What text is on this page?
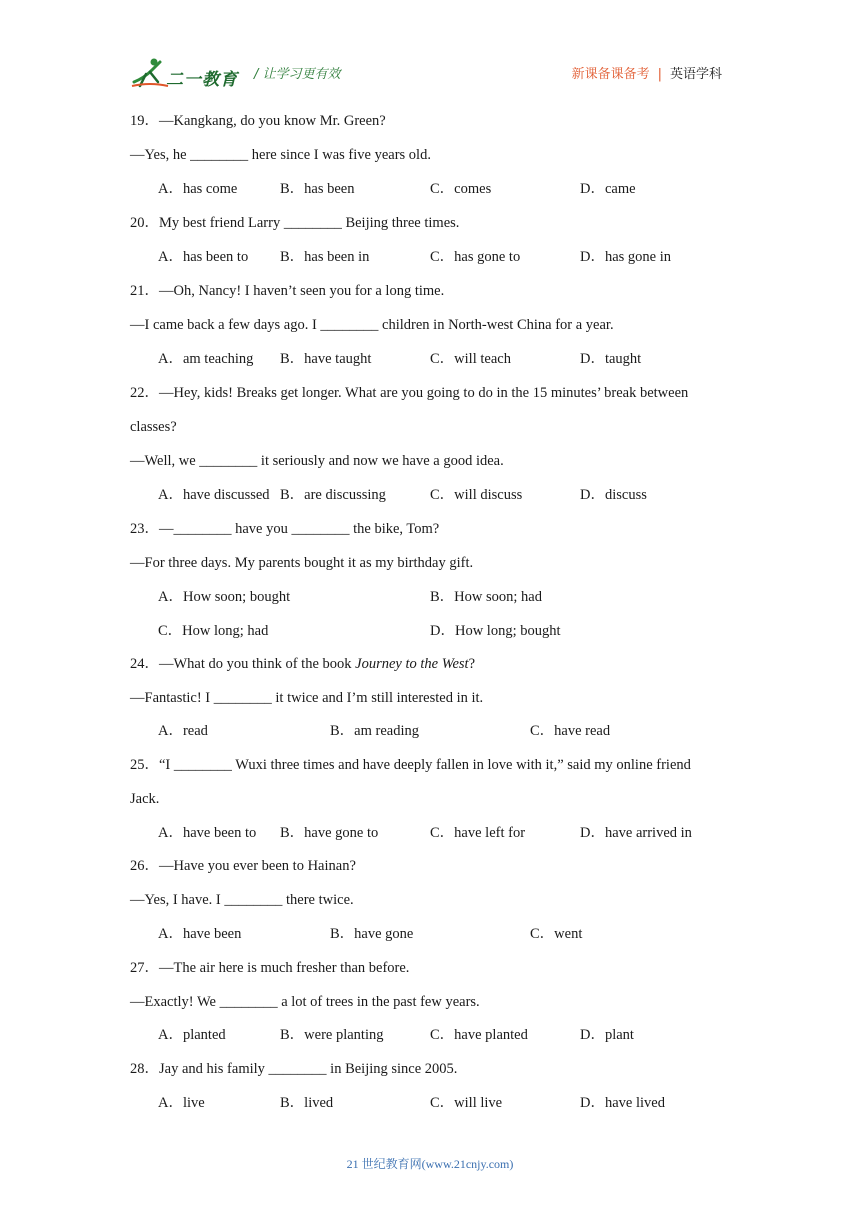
二一教育 / 让学习更有效	新课备课备考 | 英语学科
19．—Kangkang, do you know Mr. Green?
—Yes, he ________ here since I was five years old.
A．has come	B．has been	C．comes	D．came
20．My best friend Larry ________ Beijing three times.
A．has been to B．has been in	C．has gone to	D．has gone in
21．—Oh, Nancy! I haven’t seen you for a long time.
—I came back a few days ago. I ________ children in North-west China for a year.
A．am teaching B．have taught	C．will teach	D．taught
22．—Hey, kids! Breaks get longer. What are you going to do in the 15 minutes’ break between
classes?
—Well, we ________ it seriously and now we have a good idea.
A．have discussed B．are discussing	C．will discuss	D．discuss
23．—________ have you ________ the bike, Tom?
—For three days. My parents bought it as my birthday gift.
A．How soon; bought	B．How soon; had
C．How long; had	D．How long; bought
24．—What do you think of the book Journey to the West?
—Fantastic! I ________ it twice and I’m still interested in it.
A．read	B．am reading	C．have read
25．“I ________ Wuxi three times and have deeply fallen in love with it,” said my online friend
Jack.
A．have been to B．have gone to	C．have left for	D．have arrived in
26．—Have you ever been to Hainan?
—Yes, I have. I ________ there twice.
A．have been	B．have gone	C．went
27．—The air here is much fresher than before.
—Exactly! We ________ a lot of trees in the past few years.
A．planted	B．were planting	C．have planted	D．plant
28．Jay and his family ________ in Beijing since 2005.
A．live	B．lived	C．will live	D．have lived
21 世纪教育网(www.21cnjy.com)
